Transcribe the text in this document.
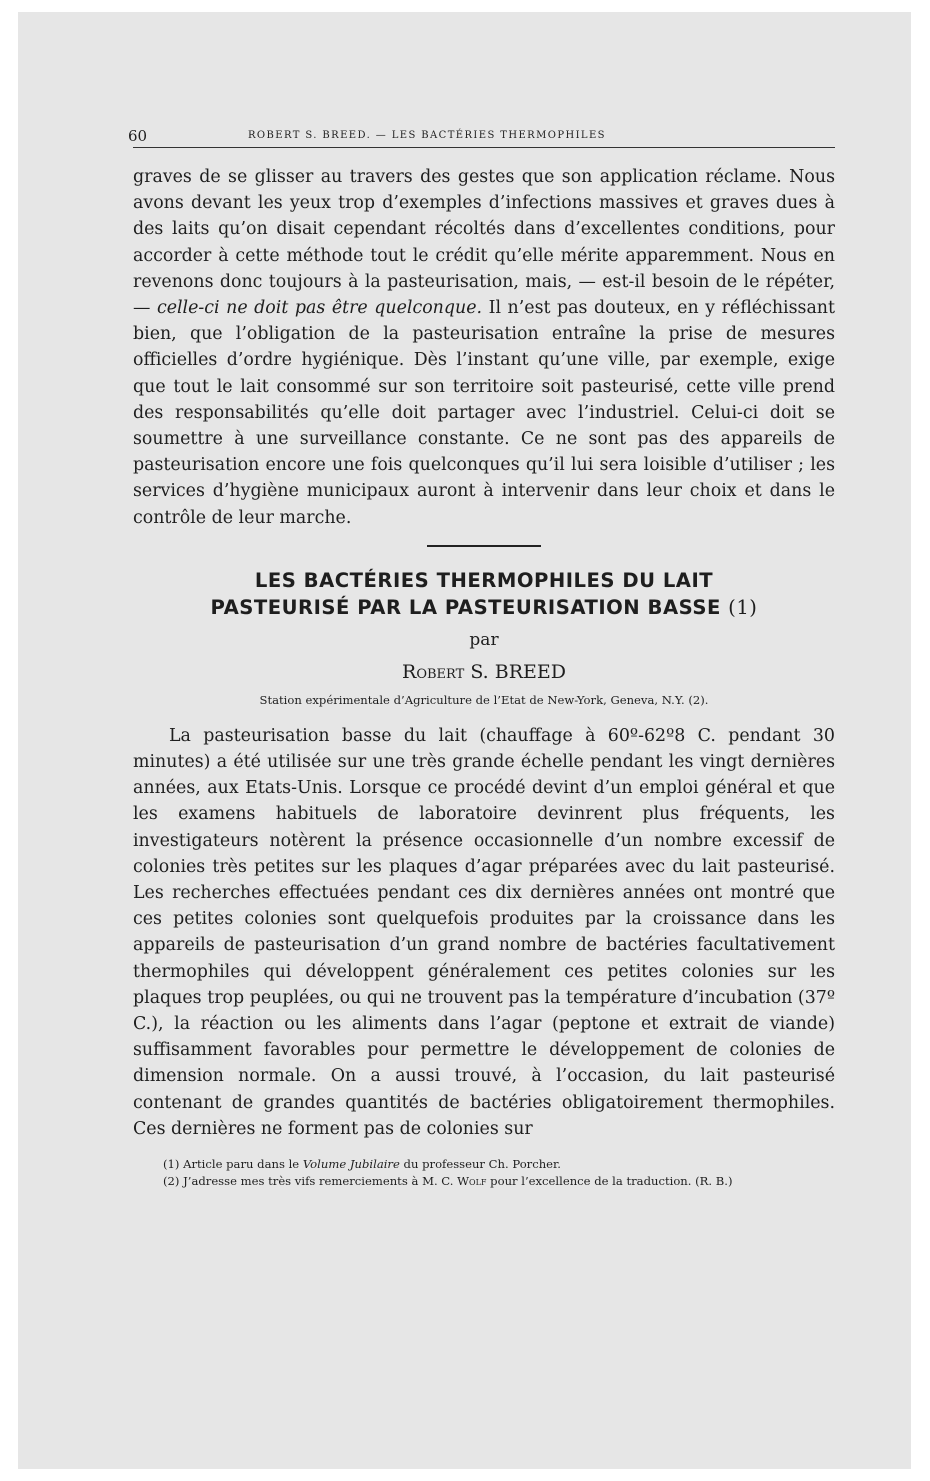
60	ROBERT S. BREED. — LES BACTÉRIES THERMOPHILES

graves de se glisser au travers des gestes que son application réclame. Nous avons devant les yeux trop d’exemples d’infections massives et graves dues à des laits qu’on disait cependant récoltés dans d’excellentes conditions, pour accorder à cette méthode tout le crédit qu’elle mérite apparemment. Nous en revenons donc toujours à la pasteurisation, mais, — est-il besoin de le répéter, — celle-ci ne doit pas être quelconque. Il n’est pas douteux, en y réfléchissant bien, que l’obligation de la pasteurisation entraîne la prise de mesures officielles d’ordre hygiénique. Dès l’instant qu’une ville, par exemple, exige que tout le lait consommé sur son territoire soit pasteurisé, cette ville prend des responsabilités qu’elle doit partager avec l’industriel. Celui-ci doit se soumettre à une surveillance constante. Ce ne sont pas des appareils de pasteurisation encore une fois quelconques qu’il lui sera loisible d’utiliser ; les services d’hygiène municipaux auront à intervenir dans leur choix et dans le contrôle de leur marche.

LES BACTÉRIES THERMOPHILES DU LAIT
PASTEURISÉ PAR LA PASTEURISATION BASSE (1)
par
Robert S. BREED
Station expérimentale d’Agriculture de l’Etat de New-York, Geneva, N.Y. (2).

La pasteurisation basse du lait (chauffage à 60º-62º8 C. pendant 30 minutes) a été utilisée sur une très grande échelle pendant les vingt dernières années, aux Etats-Unis. Lorsque ce procédé devint d’un emploi général et que les examens habituels de laboratoire devinrent plus fréquents, les investigateurs notèrent la présence occasionnelle d’un nombre excessif de colonies très petites sur les plaques d’agar préparées avec du lait pasteurisé. Les recherches effectuées pendant ces dix dernières années ont montré que ces petites colonies sont quelquefois produites par la croissance dans les appareils de pasteurisation d’un grand nombre de bactéries facultativement thermophiles qui développent généralement ces petites colonies sur les plaques trop peuplées, ou qui ne trouvent pas la température d’incubation (37º C.), la réaction ou les aliments dans l’agar (peptone et extrait de viande) suffisamment favorables pour permettre le développement de colonies de dimension normale. On a aussi trouvé, à l’occasion, du lait pasteurisé contenant de grandes quantités de bactéries obligatoirement thermophiles. Ces dernières ne forment pas de colonies sur

(1) Article paru dans le Volume Jubilaire du professeur Ch. Porcher.
(2) J’adresse mes très vifs remerciements à M. C. Wolf pour l’excellence de la traduction. (R. B.)
